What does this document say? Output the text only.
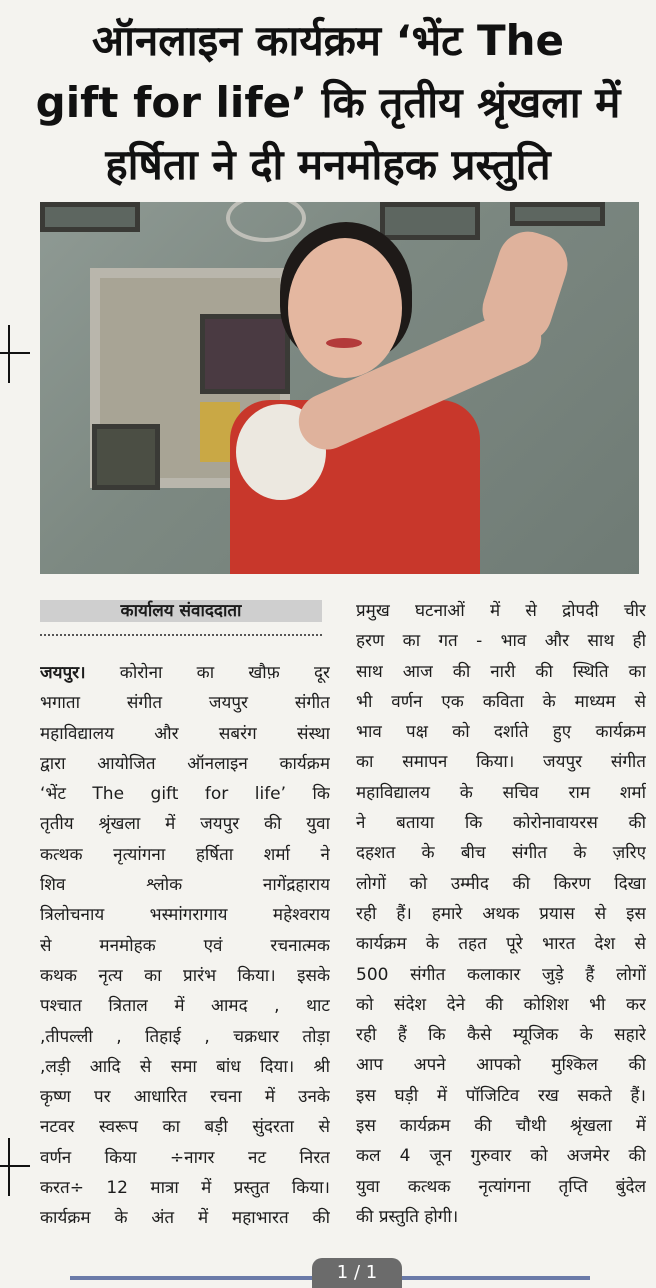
ऑनलाइन कार्यक्रम ‘भेंट The
gift for life’ कि तृतीय श्रृंखला में
हर्षिता ने दी मनमोहक प्रस्तुति
कार्यालय संवाददाता

जयपुर। कोरोना का खौफ़ दूर

भगाता संगीत जयपुर संगीत

महाविद्यालय और सबरंग संस्था

द्वारा आयोजित ऑनलाइन कार्यक्रम

‘भेंट The gift for life’ कि

तृतीय श्रृंखला में जयपुर की युवा

कत्थक नृत्यांगना हर्षिता शर्मा ने

शिव श्लोक नागेंद्रहाराय

त्रिलोचनाय भस्मांगरागाय महेश्वराय

से मनमोहक एवं रचनात्मक

कथक नृत्य का प्रारंभ किया। इसके

पश्चात त्रिताल में आमद , थाट

,तीपल्ली , तिहाई , चक्रधार तोड़ा

,लड़ी आदि से समा बांध दिया। श्री

कृष्ण पर आधारित रचना में उनके

नटवर स्वरूप का बड़ी सुंदरता से

वर्णन किया ÷नागर नट निरत

करत÷ 12 मात्रा में प्रस्तुत किया।

कार्यक्रम के अंत में महाभारत की

प्रमुख घटनाओं में से द्रोपदी चीर

हरण का गत - भाव और साथ ही

साथ आज की नारी की स्थिति का

भी वर्णन एक कविता के माध्यम से

भाव पक्ष को दर्शाते हुए कार्यक्रम

का समापन किया। जयपुर संगीत

महाविद्यालय के सचिव राम शर्मा

ने बताया कि कोरोनावायरस की

दहशत के बीच संगीत के ज़रिए

लोगों को उम्मीद की किरण दिखा

रही हैं। हमारे अथक प्रयास से इस

कार्यक्रम के तहत पूरे भारत देश से

500 संगीत कलाकार जुड़े हैं लोगों

को संदेश देने की कोशिश भी कर

रही हैं कि कैसे म्यूजिक के सहारे

आप अपने आपको मुश्किल की

इस घड़ी में पॉजिटिव रख सकते हैं।

इस कार्यक्रम की चौथी श्रृंखला में

कल 4 जून गुरुवार को अजमेर की

युवा कत्थक नृत्यांगना तृप्ति बुंदेल

की प्रस्तुति होगी।

1 / 1
